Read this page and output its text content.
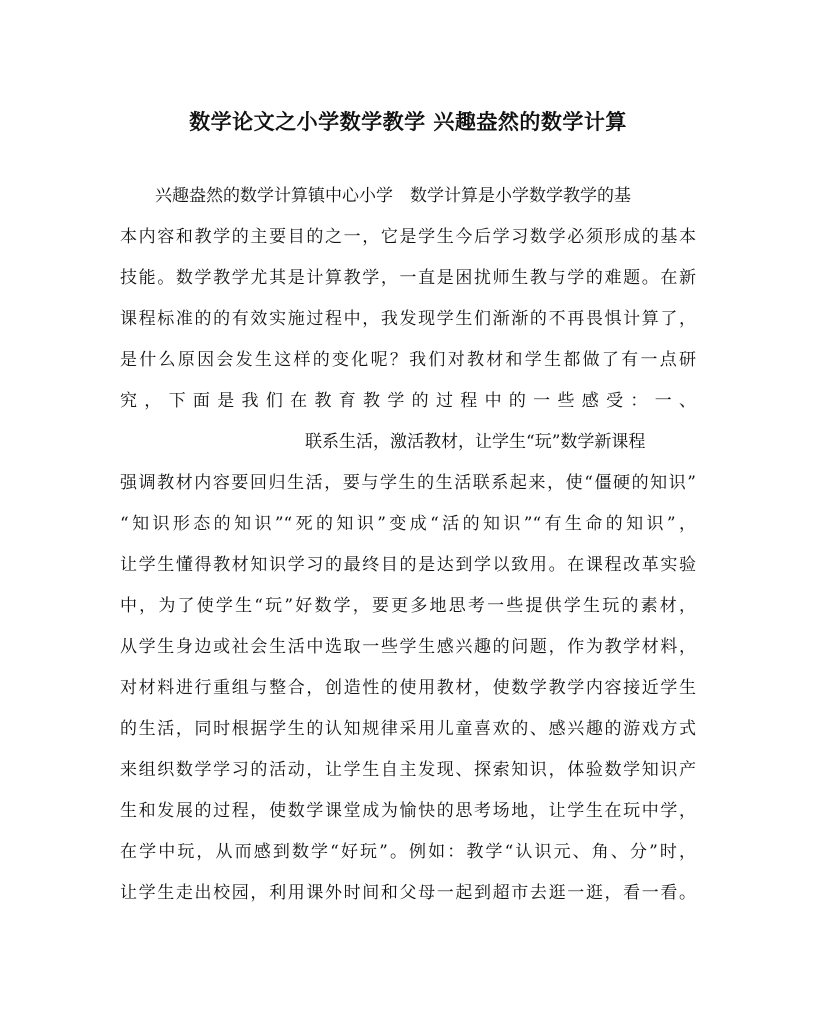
数学论文之小学数学教学 兴趣盎然的数学计算
兴趣盎然的数学计算镇中心小学　数学计算是小学数学教学的基
本内容和教学的主要目的之一，它是学生今后学习数学必须形成的基本
技能。数学教学尤其是计算教学，一直是困扰师生教与学的难题。在新
课程标准的的有效实施过程中，我发现学生们渐渐的不再畏惧计算了，
是什么原因会发生这样的变化呢？我们对教材和学生都做了有一点研
究，下面是我们在教育教学的过程中的一些感受：一、
联系生活，激活教材，让学生“玩”数学新课程
强调教材内容要回归生活，要与学生的生活联系起来，使“僵硬的知识”
“知识形态的知识”“死的知识”变成“活的知识”“有生命的知识”，
让学生懂得教材知识学习的最终目的是达到学以致用。在课程改革实验
中，为了使学生“玩”好数学，要更多地思考一些提供学生玩的素材，
从学生身边或社会生活中选取一些学生感兴趣的问题，作为教学材料，
对材料进行重组与整合，创造性的使用教材，使数学教学内容接近学生
的生活，同时根据学生的认知规律采用儿童喜欢的、感兴趣的游戏方式
来组织数学学习的活动，让学生自主发现、探索知识，体验数学知识产
生和发展的过程，使数学课堂成为愉快的思考场地，让学生在玩中学，
在学中玩，从而感到数学“好玩”。例如：教学“认识元、角、分”时，
让学生走出校园，利用课外时间和父母一起到超市去逛一逛，看一看。
